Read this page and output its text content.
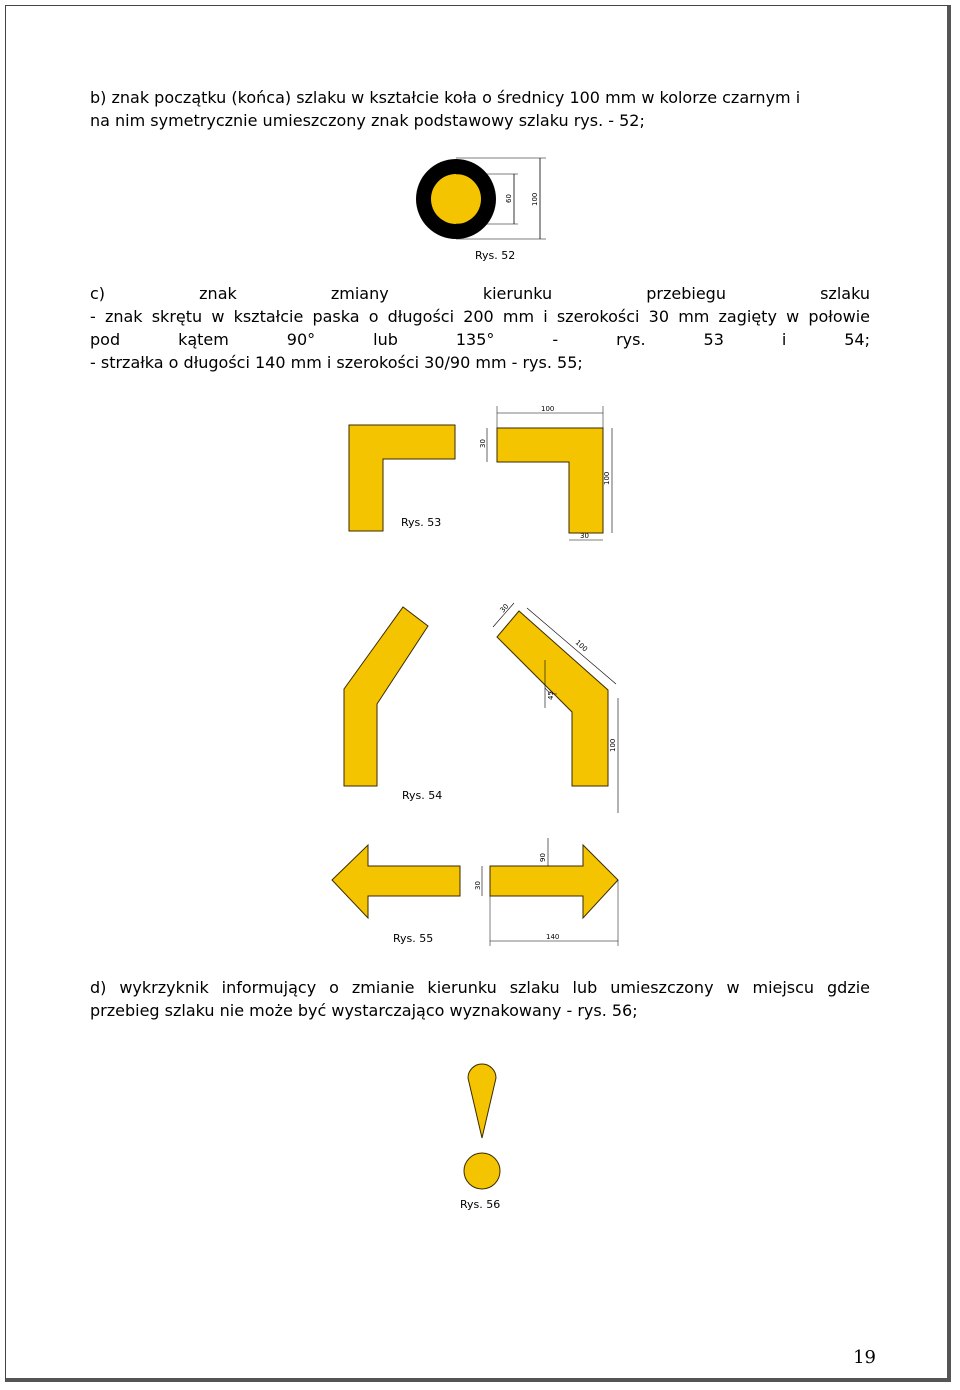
b) znak początku (końca) szlaku w kształcie koła o średnicy 100 mm w kolorze czarnym i
na nim symetrycznie umieszczony znak podstawowy szlaku rys. - 52;
60	100
Rys. 52
100
30
100
30
Rys. 53
30
100
100
45
Rys. 54
90
30
140
Rys. 55
Rys. 56
c) znak zmiany kierunku przebiegu szlaku
- znak skrętu w kształcie paska o długości 200 mm i szerokości 30 mm zagięty w połowie
pod kątem 90° lub 135° - rys. 53 i 54;
- strzałka o długości 140 mm i szerokości 30/90 mm - rys. 55;
d) wykrzyknik informujący o zmianie kierunku szlaku lub umieszczony w miejscu gdzie
przebieg szlaku nie może być wystarczająco wyznakowany - rys. 56;
19
